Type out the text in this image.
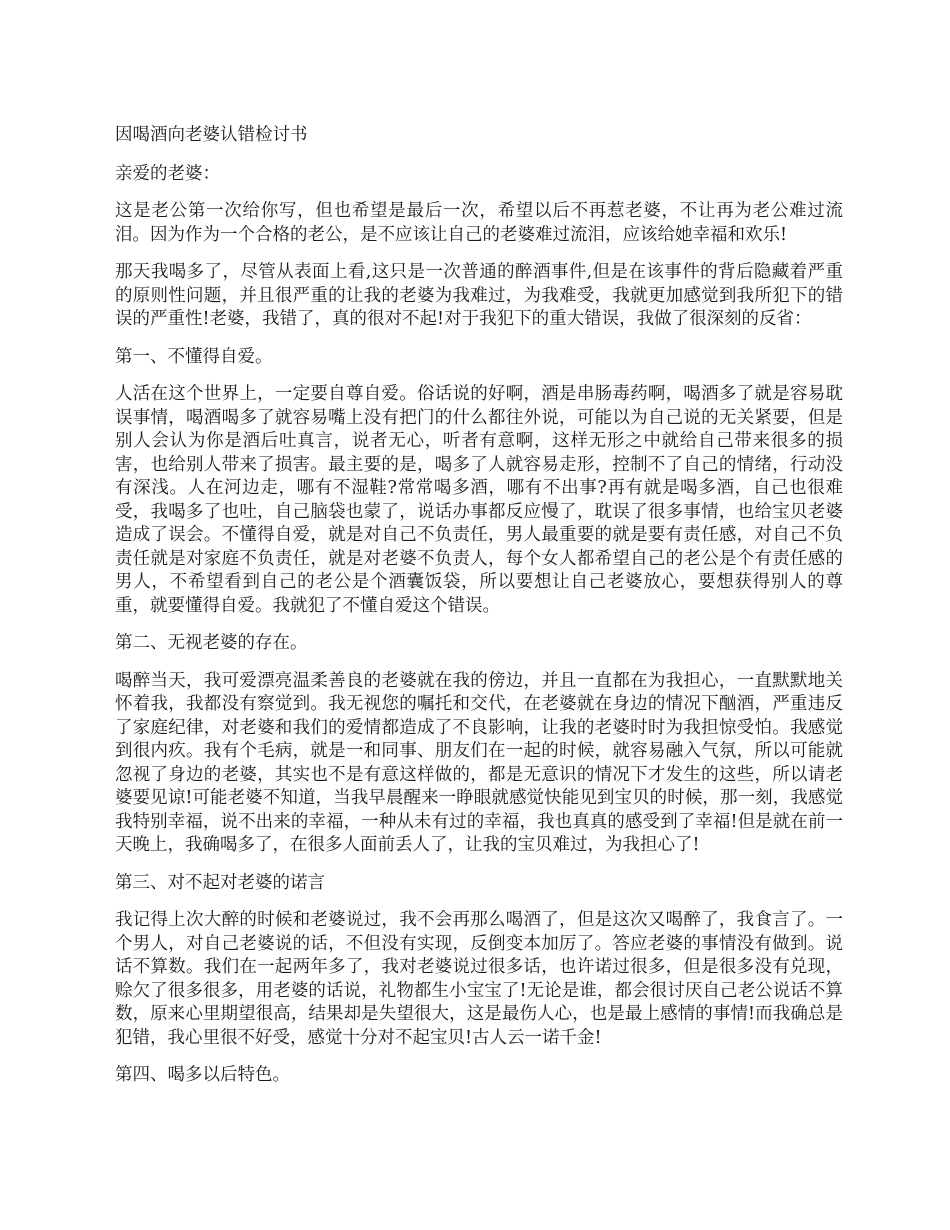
因喝酒向老婆认错检讨书

亲爱的老婆：

这是老公第一次给你写，但也希望是最后一次，希望以后不再惹老婆，不让再为老公难过流泪。因为作为一个合格的老公，是不应该让自己的老婆难过流泪，应该给她幸福和欢乐!

那天我喝多了，尽管从表面上看,这只是一次普通的醉酒事件,但是在该事件的背后隐藏着严重的原则性问题，并且很严重的让我的老婆为我难过，为我难受，我就更加感觉到我所犯下的错误的严重性!老婆，我错了，真的很对不起!对于我犯下的重大错误，我做了很深刻的反省：

第一、不懂得自爱。

人活在这个世界上，一定要自尊自爱。俗话说的好啊，酒是串肠毒药啊，喝酒多了就是容易耽误事情，喝酒喝多了就容易嘴上没有把门的什么都往外说，可能以为自己说的无关紧要，但是别人会认为你是酒后吐真言，说者无心，听者有意啊，这样无形之中就给自己带来很多的损害，也给别人带来了损害。最主要的是，喝多了人就容易走形，控制不了自己的情绪，行动没有深浅。人在河边走，哪有不湿鞋?常常喝多酒，哪有不出事?再有就是喝多酒，自己也很难受，我喝多了也吐，自己脑袋也蒙了，说话办事都反应慢了，耽误了很多事情，也给宝贝老婆造成了误会。不懂得自爱，就是对自己不负责任，男人最重要的就是要有责任感，对自己不负责任就是对家庭不负责任，就是对老婆不负责人，每个女人都希望自己的老公是个有责任感的男人，不希望看到自己的老公是个酒囊饭袋，所以要想让自己老婆放心，要想获得别人的尊重，就要懂得自爱。我就犯了不懂自爱这个错误。

第二、无视老婆的存在。

喝醉当天，我可爱漂亮温柔善良的老婆就在我的傍边，并且一直都在为我担心，一直默默地关怀着我，我都没有察觉到。我无视您的嘱托和交代，在老婆就在身边的情况下酗酒，严重违反了家庭纪律，对老婆和我们的爱情都造成了不良影响，让我的老婆时时为我担惊受怕。我感觉到很内疚。我有个毛病，就是一和同事、朋友们在一起的时候，就容易融入气氛，所以可能就忽视了身边的老婆，其实也不是有意这样做的，都是无意识的情况下才发生的这些，所以请老婆要见谅!可能老婆不知道，当我早晨醒来一睁眼就感觉快能见到宝贝的时候，那一刻，我感觉我特别幸福，说不出来的幸福，一种从未有过的幸福，我也真真的感受到了幸福!但是就在前一天晚上，我确喝多了，在很多人面前丢人了，让我的宝贝难过，为我担心了!

第三、对不起对老婆的诺言

我记得上次大醉的时候和老婆说过，我不会再那么喝酒了，但是这次又喝醉了，我食言了。一个男人，对自己老婆说的话，不但没有实现，反倒变本加厉了。答应老婆的事情没有做到。说话不算数。我们在一起两年多了，我对老婆说过很多话，也许诺过很多，但是很多没有兑现，赊欠了很多很多，用老婆的话说，礼物都生小宝宝了!无论是谁，都会很讨厌自己老公说话不算数，原来心里期望很高，结果却是失望很大，这是最伤人心，也是最上感情的事情!而我确总是犯错，我心里很不好受，感觉十分对不起宝贝!古人云一诺千金!

第四、喝多以后特色。
